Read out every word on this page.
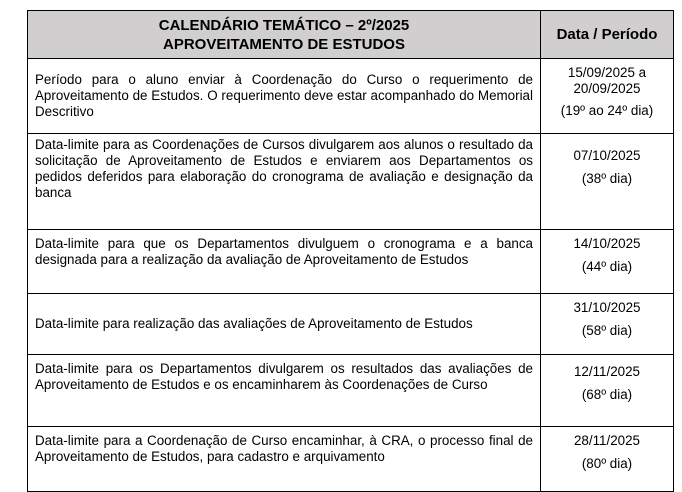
CALENDÁRIO TEMÁTICO – 2º/2025
APROVEITAMENTO DE ESTUDOS	Data / Período
Período para o aluno enviar à Coordenação do Curso o requerimento de Aproveitamento de Estudos. O requerimento deve estar acompanhado do Memorial Descritivo	15/09/2025 a
20/09/2025
(19º ao 24º dia)

Data-limite para as Coordenações de Cursos divulgarem aos alunos o resultado da solicitação de Aproveitamento de Estudos e enviarem aos Departamentos os pedidos deferidos para elaboração do cronograma de avaliação e designação da banca	07/10/2025
(38º dia)

Data-limite para que os Departamentos divulguem o cronograma e a banca designada para a realização da avaliação de Aproveitamento de Estudos	14/10/2025
(44º dia)

Data-limite para realização das avaliações de Aproveitamento de Estudos	31/10/2025
(58º dia)

Data-limite para os Departamentos divulgarem os resultados das avaliações de Aproveitamento de Estudos e os encaminharem às Coordenações de Curso	12/11/2025
(68º dia)

Data-limite para a Coordenação de Curso encaminhar, à CRA, o processo final de Aproveitamento de Estudos, para cadastro e arquivamento	28/11/2025
(80º dia)
